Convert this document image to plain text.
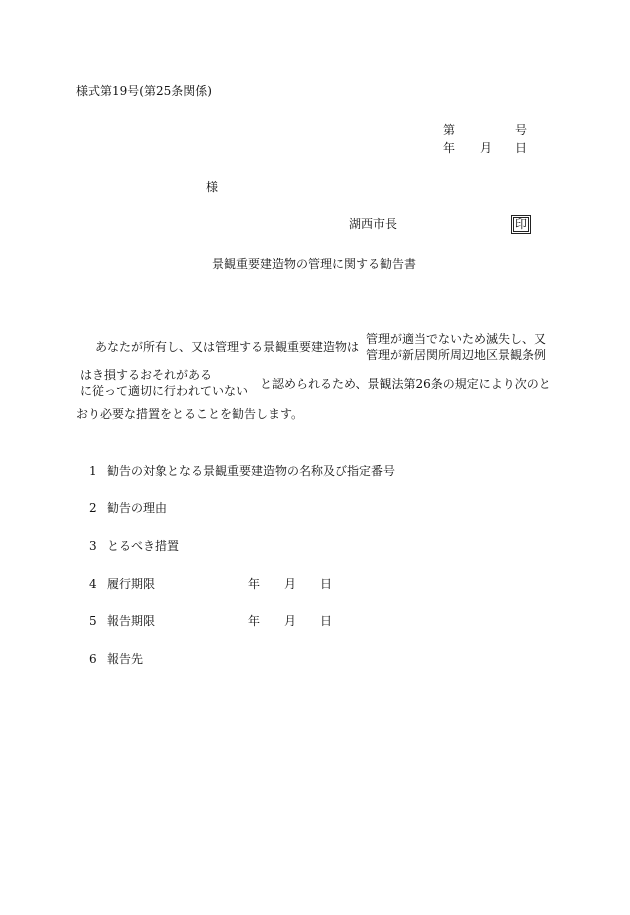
様式第19号(第25条関係)
第	号
年 月 日
様
湖西市長	印
景観重要建造物の管理に関する勧告書
あなたが所有し、又は管理する景観重要建造物は
管理が適当でないため滅失し、又
管理が新居関所周辺地区景観条例
はき損するおそれがある
に従って適切に行われていない と認められるため、景観法第26条の規定により次のと
おり必要な措置をとることを勧告します。
1 勧告の対象となる景観重要建造物の名称及び指定番号
2 勧告の理由
3 とるべき措置
4 履行期限	年 月 日
5 報告期限	年 月 日
6 報告先
